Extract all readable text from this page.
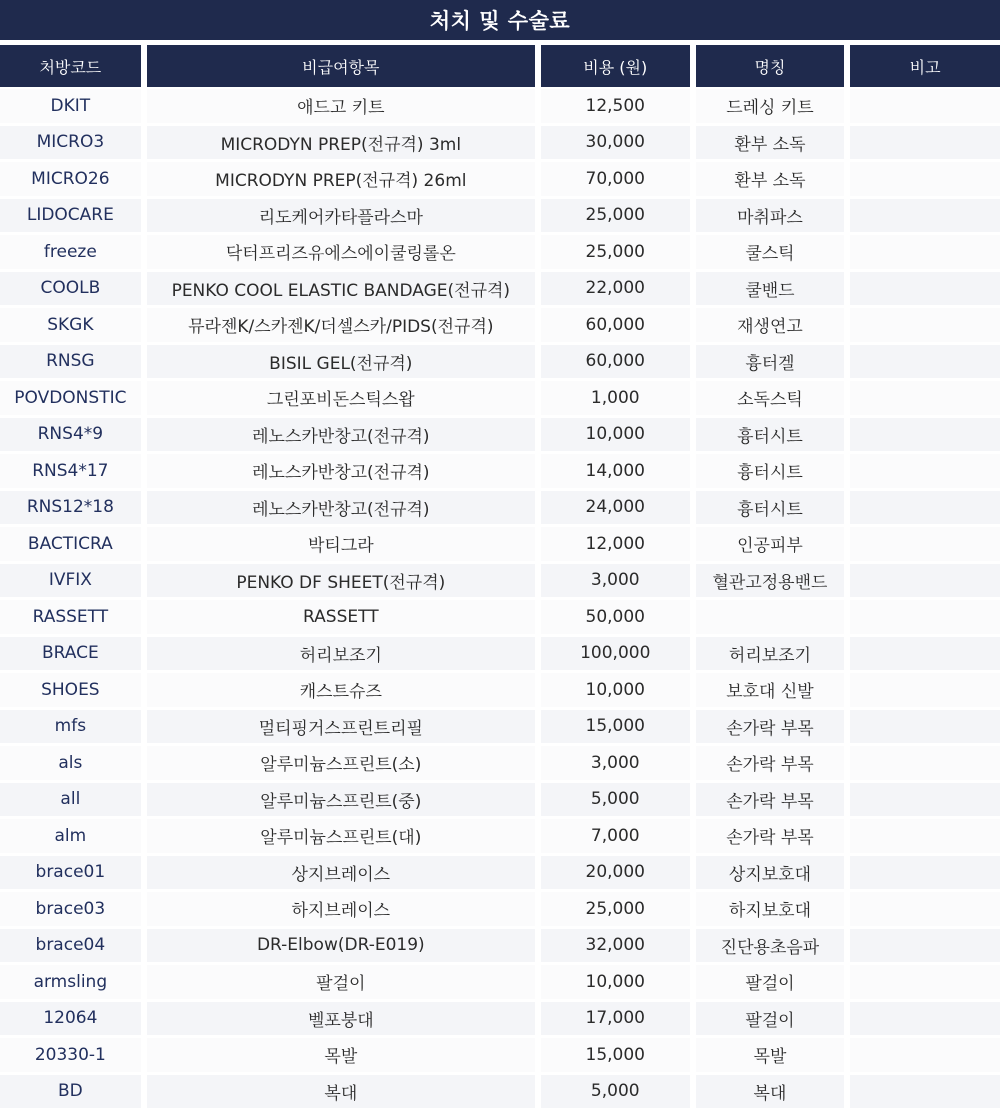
처치 및 수술료
처방코드	비급여항목	비용 (원)	명칭	비고
DKIT	애드고 키트	12,500	드레싱 키트
MICRO3	MICRODYN PREP(전규격) 3ml	30,000	환부 소독
MICRO26	MICRODYN PREP(전규격) 26ml	70,000	환부 소독
LIDOCARE	리도케어카타플라스마	25,000	마취파스
freeze	닥터프리즈유에스에이쿨링롤온	25,000	쿨스틱
COOLB	PENKO COOL ELASTIC BANDAGE(전규격)	22,000	쿨밴드
SKGK	뮤라젠K/스카젠K/더셀스카/PIDS(전규격)	60,000	재생연고
RNSG	BISIL GEL(전규격)	60,000	흉터겔
POVDONSTIC	그린포비돈스틱스왑	1,000	소독스틱
RNS4*9	레노스카반창고(전규격)	10,000	흉터시트
RNS4*17	레노스카반창고(전규격)	14,000	흉터시트
RNS12*18	레노스카반창고(전규격)	24,000	흉터시트
BACTICRA	박티그라	12,000	인공피부
IVFIX	PENKO DF SHEET(전규격)	3,000	혈관고정용밴드
RASSETT	RASSETT	50,000
BRACE	허리보조기	100,000	허리보조기
SHOES	캐스트슈즈	10,000	보호대 신발
mfs	멀티핑거스프린트리필	15,000	손가락 부목
als	알루미늄스프린트(소)	3,000	손가락 부목
all	알루미늄스프린트(중)	5,000	손가락 부목
alm	알루미늄스프린트(대)	7,000	손가락 부목
brace01	상지브레이스	20,000	상지보호대
brace03	하지브레이스	25,000	하지보호대
brace04	DR-Elbow(DR-E019)	32,000	진단용초음파
armsling	팔걸이	10,000	팔걸이
12064	벨포붕대	17,000	팔걸이
20330-1	목발	15,000	목발
BD	복대	5,000	복대
